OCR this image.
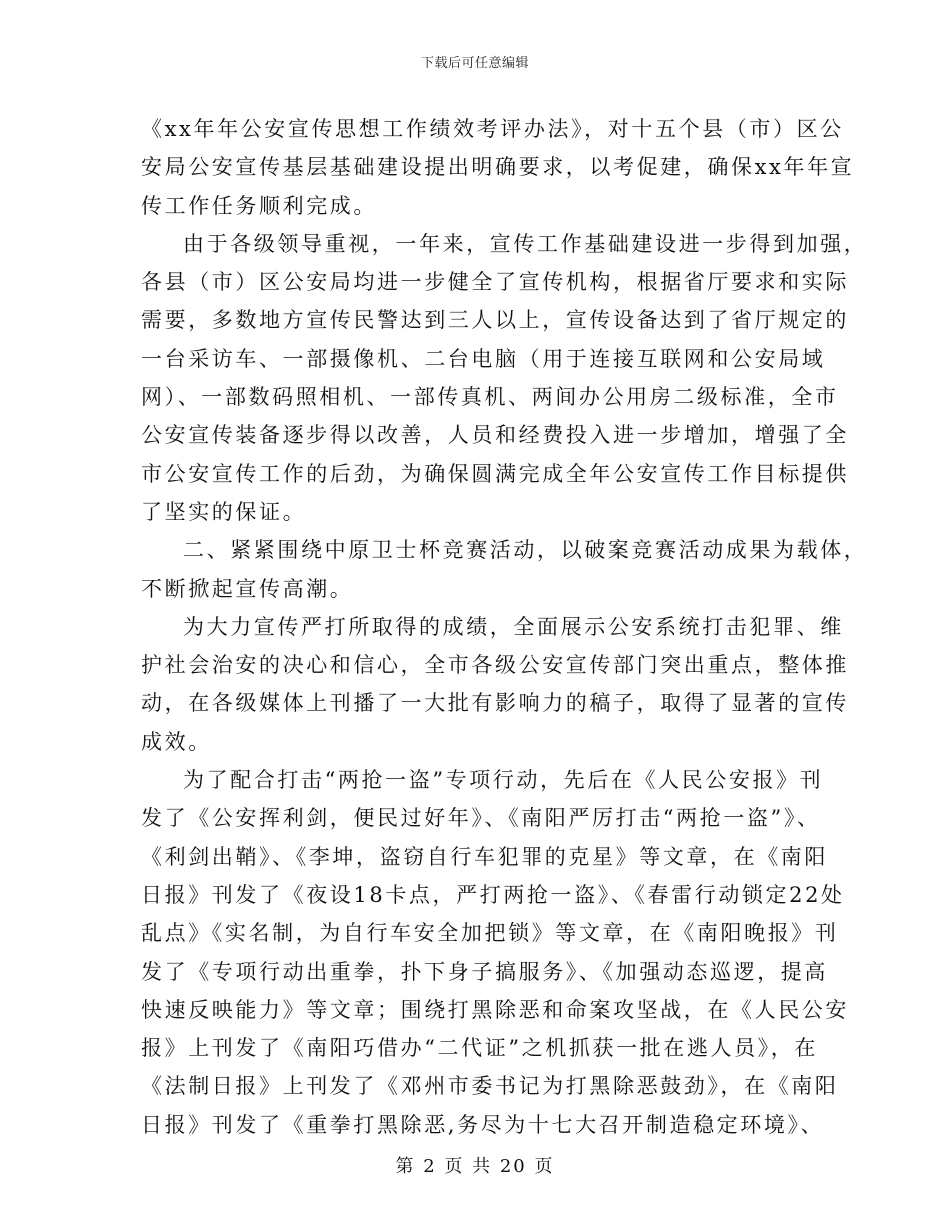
下载后可任意编辑
《xx年年公安宣传思想工作绩效考评办法》，对十五个县（市）区公
安局公安宣传基层基础建设提出明确要求，以考促建，确保xx年年宣
传工作任务顺利完成。
由于各级领导重视，一年来，宣传工作基础建设进一步得到加强，
各县（市）区公安局均进一步健全了宣传机构，根据省厅要求和实际
需要，多数地方宣传民警达到三人以上，宣传设备达到了省厅规定的
一台采访车、一部摄像机、二台电脑（用于连接互联网和公安局域
网）、一部数码照相机、一部传真机、两间办公用房二级标准，全市
公安宣传装备逐步得以改善，人员和经费投入进一步增加，增强了全
市公安宣传工作的后劲，为确保圆满完成全年公安宣传工作目标提供
了坚实的保证。
二、紧紧围绕中原卫士杯竞赛活动，以破案竞赛活动成果为载体，
不断掀起宣传高潮。
为大力宣传严打所取得的成绩，全面展示公安系统打击犯罪、维
护社会治安的决心和信心，全市各级公安宣传部门突出重点，整体推
动，在各级媒体上刊播了一大批有影响力的稿子，取得了显著的宣传
成效。
为了配合打击“两抢一盗”专项行动，先后在《人民公安报》刊
发了《公安挥利剑，便民过好年》、《南阳严厉打击“两抢一盗”》、
《利剑出鞘》、《李坤，盗窃自行车犯罪的克星》等文章，在《南阳
日报》刊发了《夜设18卡点，严打两抢一盗》、《春雷行动锁定22处
乱点》《实名制，为自行车安全加把锁》等文章，在《南阳晚报》刊
发了《专项行动出重拳，扑下身子搞服务》、《加强动态巡逻，提高
快速反映能力》等文章；围绕打黑除恶和命案攻坚战，在《人民公安
报》上刊发了《南阳巧借办“二代证”之机抓获一批在逃人员》，在
《法制日报》上刊发了《邓州市委书记为打黑除恶鼓劲》，在《南阳
日报》刊发了《重拳打黑除恶,务尽为十七大召开制造稳定环境》、
第 2 页 共 20 页
